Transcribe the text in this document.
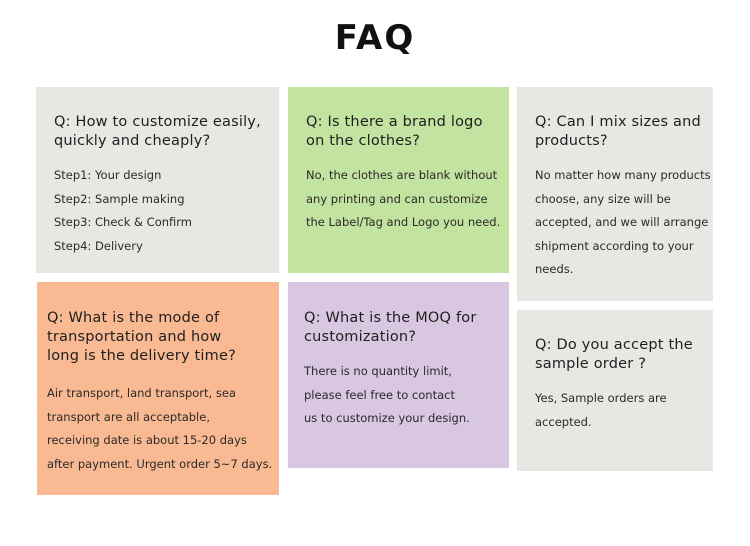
FAQ
Q: How to customize easily,
quickly and cheaply?
Step1: Your design
Step2: Sample making
Step3: Check & Confirm
Step4: Delivery
Q: Is there a brand logo
on the clothes?
No, the clothes are blank without
any printing and can customize
the Label/Tag and Logo you need.
Q: Can I mix sizes and
products?
No matter how many products
choose, any size will be
accepted, and we will arrange
shipment according to your
needs.
Q: What is the mode of
transportation and how
long is the delivery time?
Air transport, land transport, sea
transport are all acceptable,
receiving date is about 15-20 days
after payment. Urgent order 5~7 days.
Q: What is the MOQ for
customization?
There is no quantity limit,
please feel free to contact
us to customize your design.
Q: Do you accept the
sample order ?
Yes, Sample orders are
accepted.
